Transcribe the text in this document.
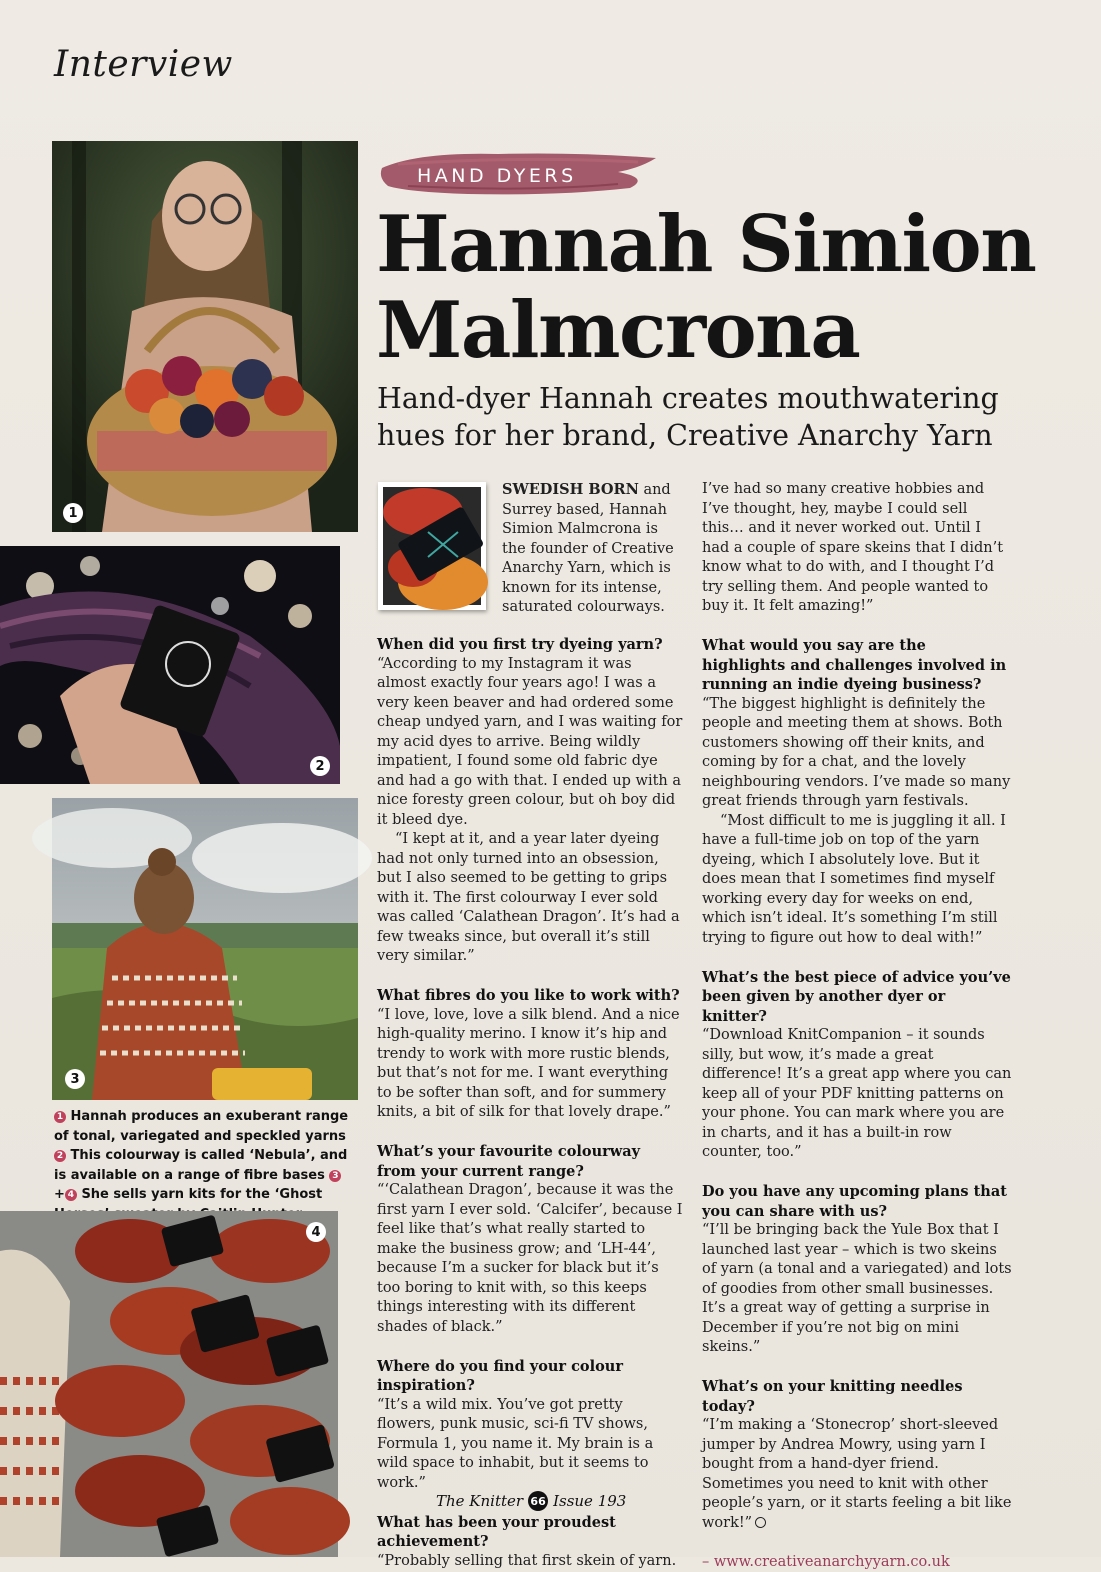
Interview
1
2
3
1 Hannah produces an exuberant range of tonal, variegated and speckled yarns 2 This colourway is called ‘Nebula’, and is available on a range of fibre bases 3+ 4 She sells yarn kits for the ‘Ghost
4
HAND DYERS
Hannah Simion Malmcrona

Hand-dyer Hannah creates mouthwatering hues for her brand, Creative Anarchy Yarn

SWEDISH BORN and Surrey based, Hannah Simion Malmcrona is the founder of Creative Anarchy Yarn, which is known for its intense, saturated colourways.

When did you first try dyeing yarn?

“According to my Instagram it was almost exactly four years ago! I was a very keen beaver and had ordered some cheap undyed yarn, and I was waiting for my acid dyes to arrive. Being wildly impatient, I found some old fabric dye and had a go with that. I ended up with a nice foresty green colour, but oh boy did it bleed dye.

“I kept at it, and a year later dyeing had not only turned into an obsession, but I also seemed to be getting to grips with it. The first colourway I ever sold was called ‘Calathean Dragon’. It’s had a few tweaks since, but overall it’s still very similar.”

What fibres do you like to work with?

“I love, love, love a silk blend. And a nice high-quality merino. I know it’s hip and trendy to work with more rustic blends, but that’s not for me. I want everything to be softer than soft, and for summery knits, a bit of silk for that lovely drape.”

What’s your favourite colourway from your current range?

“‘Calathean Dragon’, because it was the first yarn I ever sold. ‘Calcifer’, because I feel like that’s what really started to make the business grow; and ‘LH-44’, because I’m a sucker for black but it’s too boring to knit with, so this keeps things interesting with its different shades of black.”

Where do you find your colour inspiration?

“It’s a wild mix. You’ve got pretty flowers, punk music, sci-fi TV shows, Formula 1, you name it. My brain is a wild space to inhabit, but it seems to work.”

What has been your proudest achievement?

“Probably selling that first skein of yarn.

I’ve had so many creative hobbies and I’ve thought, hey, maybe I could sell this… and it never worked out. Until I had a couple of spare skeins that I didn’t know what to do with, and I thought I’d try selling them. And people wanted to buy it. It felt amazing!”

What would you say are the highlights and challenges involved in running an indie dyeing business?

“The biggest highlight is definitely the people and meeting them at shows. Both customers showing off their knits, and coming by for a chat, and the lovely neighbouring vendors. I’ve made so many great friends through yarn festivals.

“Most difficult to me is juggling it all. I have a full-time job on top of the yarn dyeing, which I absolutely love. But it does mean that I sometimes find myself working every day for weeks on end, which isn’t ideal. It’s something I’m still trying to figure out how to deal with!”

What’s the best piece of advice you’ve been given by another dyer or knitter?

“Download KnitCompanion – it sounds silly, but wow, it’s made a great difference! It’s a great app where you can keep all of your PDF knitting patterns on your phone. You can mark where you are in charts, and it has a built-in row counter, too.”

Do you have any upcoming plans that you can share with us?

“I’ll be bringing back the Yule Box that I launched last year – which is two skeins of yarn (a tonal and a variegated) and lots of goodies from other small businesses. It’s a great way of getting a surprise in December if you’re not big on mini skeins.”

What’s on your knitting needles today?

“I’m making a ‘Stonecrop’ short-sleeved jumper by Andrea Mowry, using yarn I bought from a hand-dyer friend. Sometimes you need to knit with other people’s yarn, or it starts feeling a bit like work!”

– www.creativeanarchyyarn.co.uk

The Knitter 66 Issue 193
